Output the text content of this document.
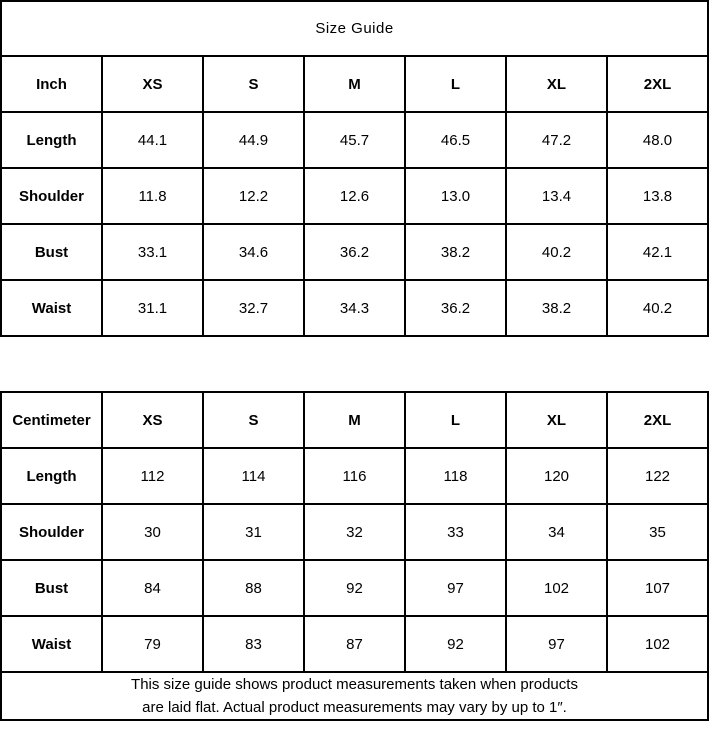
Size Guide						
Inch	XS	S	M	L	XL	2XL
Length	44.1	44.9	45.7	46.5	47.2	48.0
Shoulder	11.8	12.2	12.6	13.0	13.4	13.8
Bust	33.1	34.6	36.2	38.2	40.2	42.1
Waist	31.1	32.7	34.3	36.2	38.2	40.2
Centimeter	XS	S	M	L	XL	2XL
Length	112	114	116	118	120	122
Shoulder	30	31	32	33	34	35
Bust	84	88	92	97	102	107
Waist	79	83	87	92	97	102

This size guide shows product measurements taken when products
are laid flat. Actual product measurements may vary by up to 1″.						
